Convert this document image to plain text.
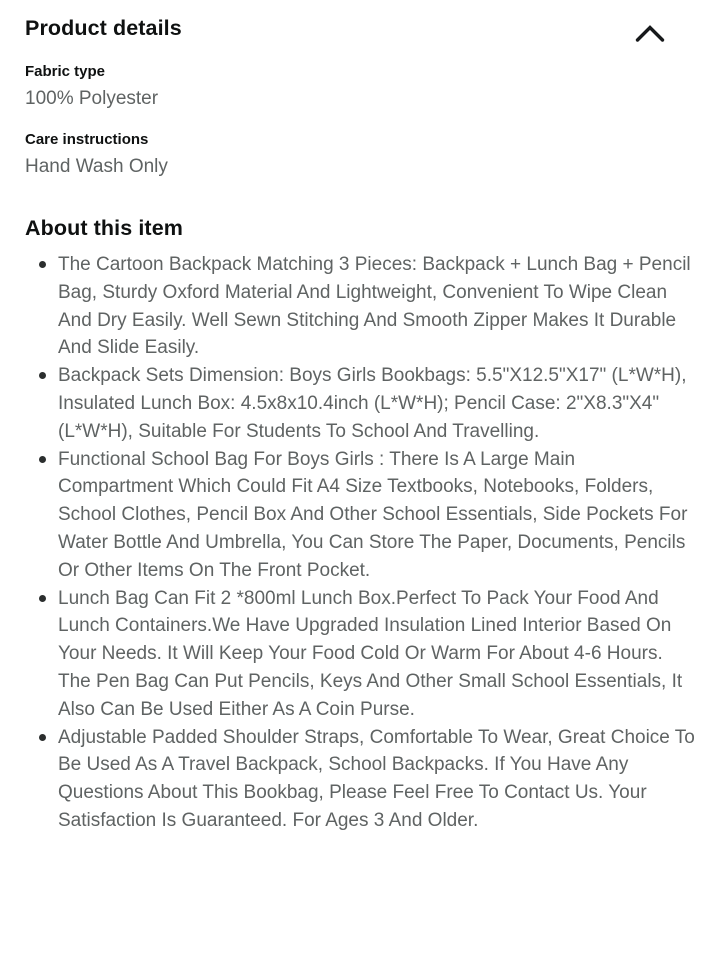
Product details
Fabric type
100% Polyester
Care instructions
Hand Wash Only
About this item
The Cartoon Backpack Matching 3 Pieces: Backpack + Lunch Bag + Pencil Bag, Sturdy Oxford Material And Lightweight, Convenient To Wipe Clean And Dry Easily. Well Sewn Stitching And Smooth Zipper Makes It Durable And Slide Easily.
Backpack Sets Dimension: Boys Girls Bookbags: 5.5"X12.5"X17" (L*W*H), Insulated Lunch Box: 4.5x8x10.4inch (L*W*H); Pencil Case: 2"X8.3"X4"(L*W*H), Suitable For Students To School And Travelling.
Functional School Bag For Boys Girls : There Is A Large Main Compartment Which Could Fit A4 Size Textbooks, Notebooks, Folders, School Clothes, Pencil Box And Other School Essentials, Side Pockets For Water Bottle And Umbrella, You Can Store The Paper, Documents, Pencils Or Other Items On The Front Pocket.
Lunch Bag Can Fit 2 *800ml Lunch Box.Perfect To Pack Your Food And Lunch Containers.We Have Upgraded Insulation Lined Interior Based On Your Needs. It Will Keep Your Food Cold Or Warm For About 4-6 Hours. The Pen Bag Can Put Pencils, Keys And Other Small School Essentials, It Also Can Be Used Either As A Coin Purse.
Adjustable Padded Shoulder Straps, Comfortable To Wear, Great Choice To Be Used As A Travel Backpack, School Backpacks. If You Have Any Questions About This Bookbag, Please Feel Free To Contact Us. Your Satisfaction Is Guaranteed. For Ages 3 And Older.
